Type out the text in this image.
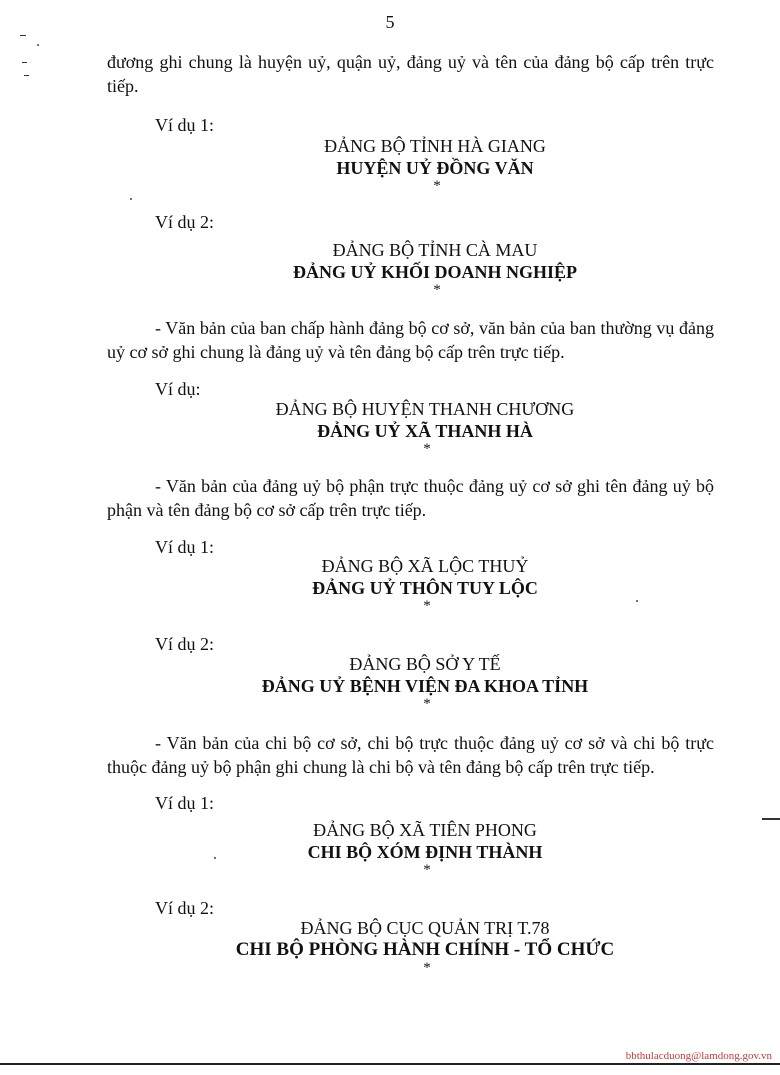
5
đương ghi chung là huyện uỷ, quận uỷ, đảng uỷ và tên của đảng bộ cấp trên trực tiếp.
Ví dụ 1:
ĐẢNG BỘ TỈNH HÀ GIANG
HUYỆN UỶ ĐỒNG VĂN
*
Ví dụ 2:
ĐẢNG BỘ TỈNH CÀ MAU
ĐẢNG UỶ KHỐI DOANH NGHIỆP
*
- Văn bản của ban chấp hành đảng bộ cơ sở, văn bản của ban thường vụ đảng uỷ cơ sở ghi chung là đảng uỷ và tên đảng bộ cấp trên trực tiếp.
Ví dụ:
ĐẢNG BỘ HUYỆN THANH CHƯƠNG
ĐẢNG UỶ XÃ THANH HÀ
*
- Văn bản của đảng uỷ bộ phận trực thuộc đảng uỷ cơ sở ghi tên đảng uỷ bộ phận và tên đảng bộ cơ sở cấp trên trực tiếp.
Ví dụ 1:
ĐẢNG BỘ XÃ LỘC THUỶ
ĐẢNG UỶ THÔN TUY LỘC
*
Ví dụ 2:
ĐẢNG BỘ SỞ Y TẾ
ĐẢNG UỶ BỆNH VIỆN ĐA KHOA TỈNH
*
- Văn bản của chi bộ cơ sở, chi bộ trực thuộc đảng uỷ cơ sở và chi bộ trực thuộc đảng uỷ bộ phận ghi chung là chi bộ và tên đảng bộ cấp trên trực tiếp.
Ví dụ 1:
ĐẢNG BỘ XÃ TIÊN PHONG
CHI BỘ XÓM ĐỊNH THÀNH
*
Ví dụ 2:
ĐẢNG BỘ CỤC QUẢN TRỊ T.78
CHI BỘ PHÒNG HÀNH CHÍNH - TỔ CHỨC
*
bbthulacduong@lamdong.gov.vn
